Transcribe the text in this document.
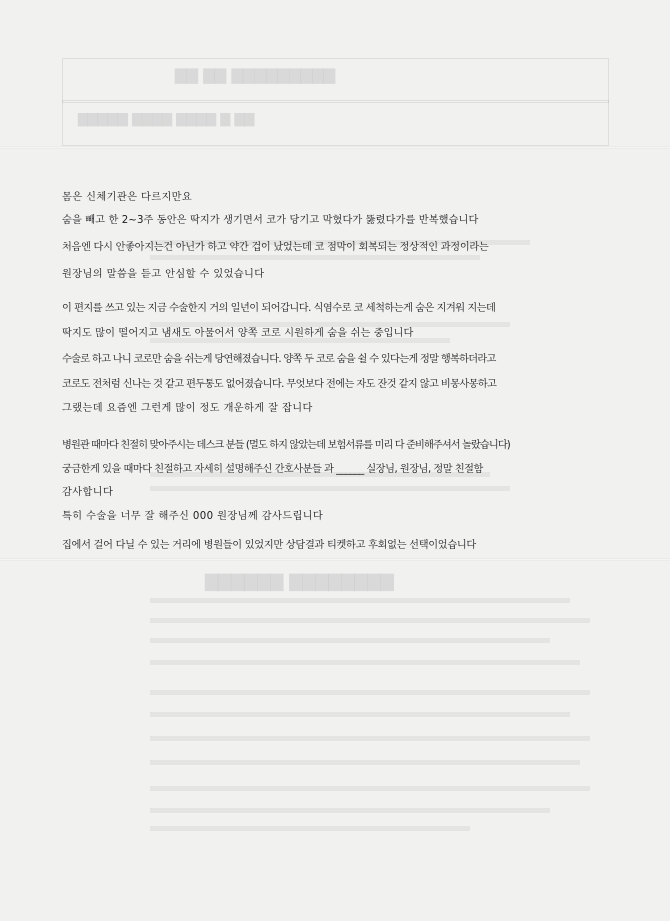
▇▇▇▇▇▇▇▇▇ ▇▇ ▇▇
▇▇ ▇ ▇▇▇▇ ▇▇▇▇ ▇▇▇▇▇
▇▇▇▇▇▇▇▇ ▇▇▇▇▇▇
몸은 신체기관은 다르지만요
숨을 빼고 한 2~3주 동안은 딱지가 생기면서 코가 당기고 막혔다가 뚫렸다가를 반복했습니다
처음엔 다시 안좋아지는건 아닌가 하고 약간 겁이 났었는데 코 점막이 회복되는 정상적인 과정이라는
원장님의 말씀을 듣고 안심할 수 있었습니다
이 편지를 쓰고 있는 지금 수술한지 거의 일년이 되어갑니다. 식염수로 코 세척하는게 숨은 지겨워 지는데
딱지도 많이 떨어지고 냄새도 아물어서 양쪽 코로 시원하게 숨을 쉬는 중입니다
수술로 하고 나니 코로만 숨을 쉬는게 당연해졌습니다. 양쪽 두 코로 숨을 쉴 수 있다는게 정말 행복하더라고
코로도 전처럼 신나는 것 같고 편두통도 없어졌습니다. 무엇보다 전에는 자도 잔것 같지 않고 비몽사몽하고
그랬는데 요즘엔 그런게 많이 정도 개운하게 잘 잡니다
병원관 때마다 친절히 맞아주시는 데스크 분들 (멀도 하지 않았는데 보험서류를 미리 다 준비해주셔서 놀랐습니다)
궁금한게 있을 때마다 친절하고 자세히 설명해주신 간호사분들 과 ______ 실장님, 원장님, 정말 친절함
감사합니다
특히 수술을 너무 잘 해주신 000 원장님께 감사드립니다
집에서 걸어 다닐 수 있는 거리에 병원들이 있었지만 상담결과 티켓하고 후회없는 선택이었습니다
